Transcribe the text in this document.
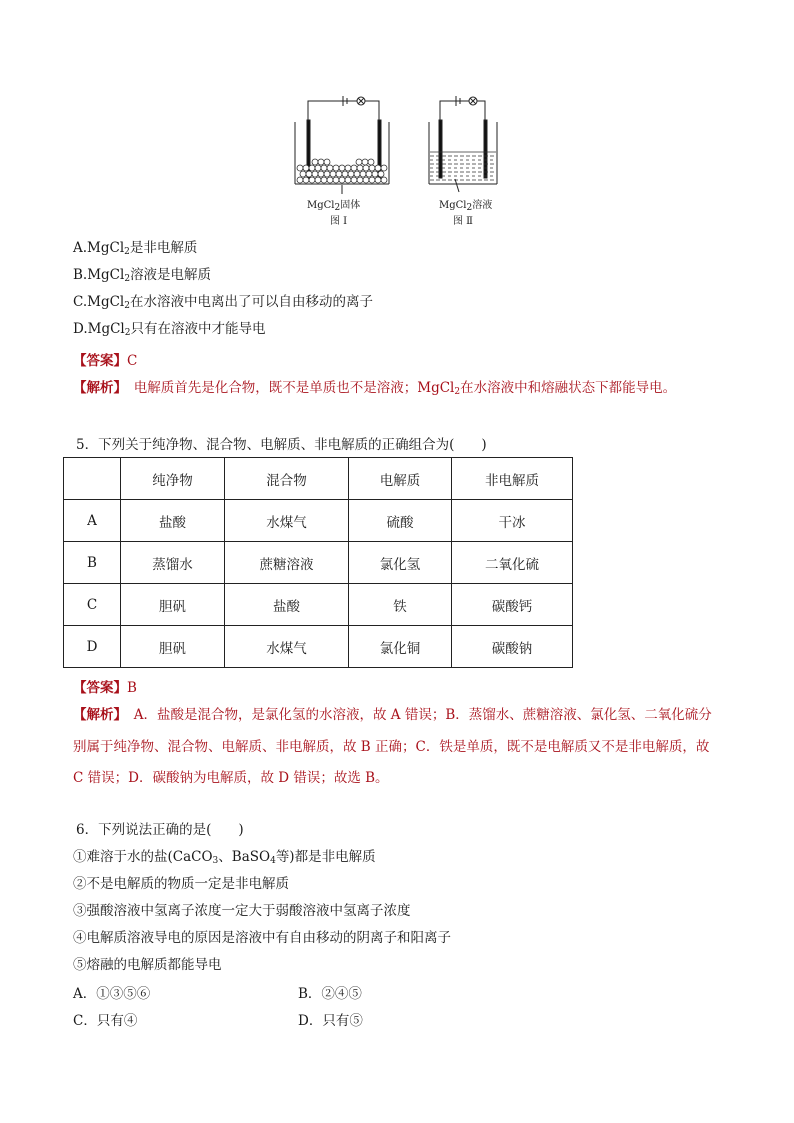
MgCl$_2$固体
图 Ⅰ
MgCl$_2$溶液
图 Ⅱ
A.MgCl$_2$是非电解质
B.MgCl$_2$溶液是电解质
C.MgCl$_2$在水溶液中电离出了可以自由移动的离子
D.MgCl$_2$只有在溶液中才能导电
【答案】C
【解析】　 电解质首先是化合物，既不是单质也不是溶液；MgCl$_2$在水溶液中和熔融状态下都能导电。
5．下列关于纯净物、混合物、电解质、非电解质的正确组合为(　　)
	纯净物	混合物	电解质	非电解质
A	盐酸	水煤气	硫酸	干冰
B	蒸馏水	蔗糖溶液	氯化氢	二氧化硫
C	胆矾	盐酸	铁	碳酸钙
D	胆矾	水煤气	氯化铜	碳酸钠
【答案】B
【解析】　 A．盐酸是混合物，是氯化氢的水溶液，故 A 错误；B．蒸馏水、蔗糖溶液、氯化氢、二氧化硫分别属于纯净物、混合物、电解质、非电解质，故 B 正确；C．铁是单质，既不是电解质又不是非电解质，故 C 错误；D．碳酸钠为电解质，故 D 错误；故选 B。
6．下列说法正确的是(　　)
①难溶于水的盐(CaCO$_3$、BaSO$_4$等)都是非电解质
②不是电解质的物质一定是非电解质
③强酸溶液中氢离子浓度一定大于弱酸溶液中氢离子浓度
④电解质溶液导电的原因是溶液中有自由移动的阴离子和阳离子
⑤熔融的电解质都能导电
A．①③⑤⑥	B．②④⑤
C．只有④	D．只有⑤
